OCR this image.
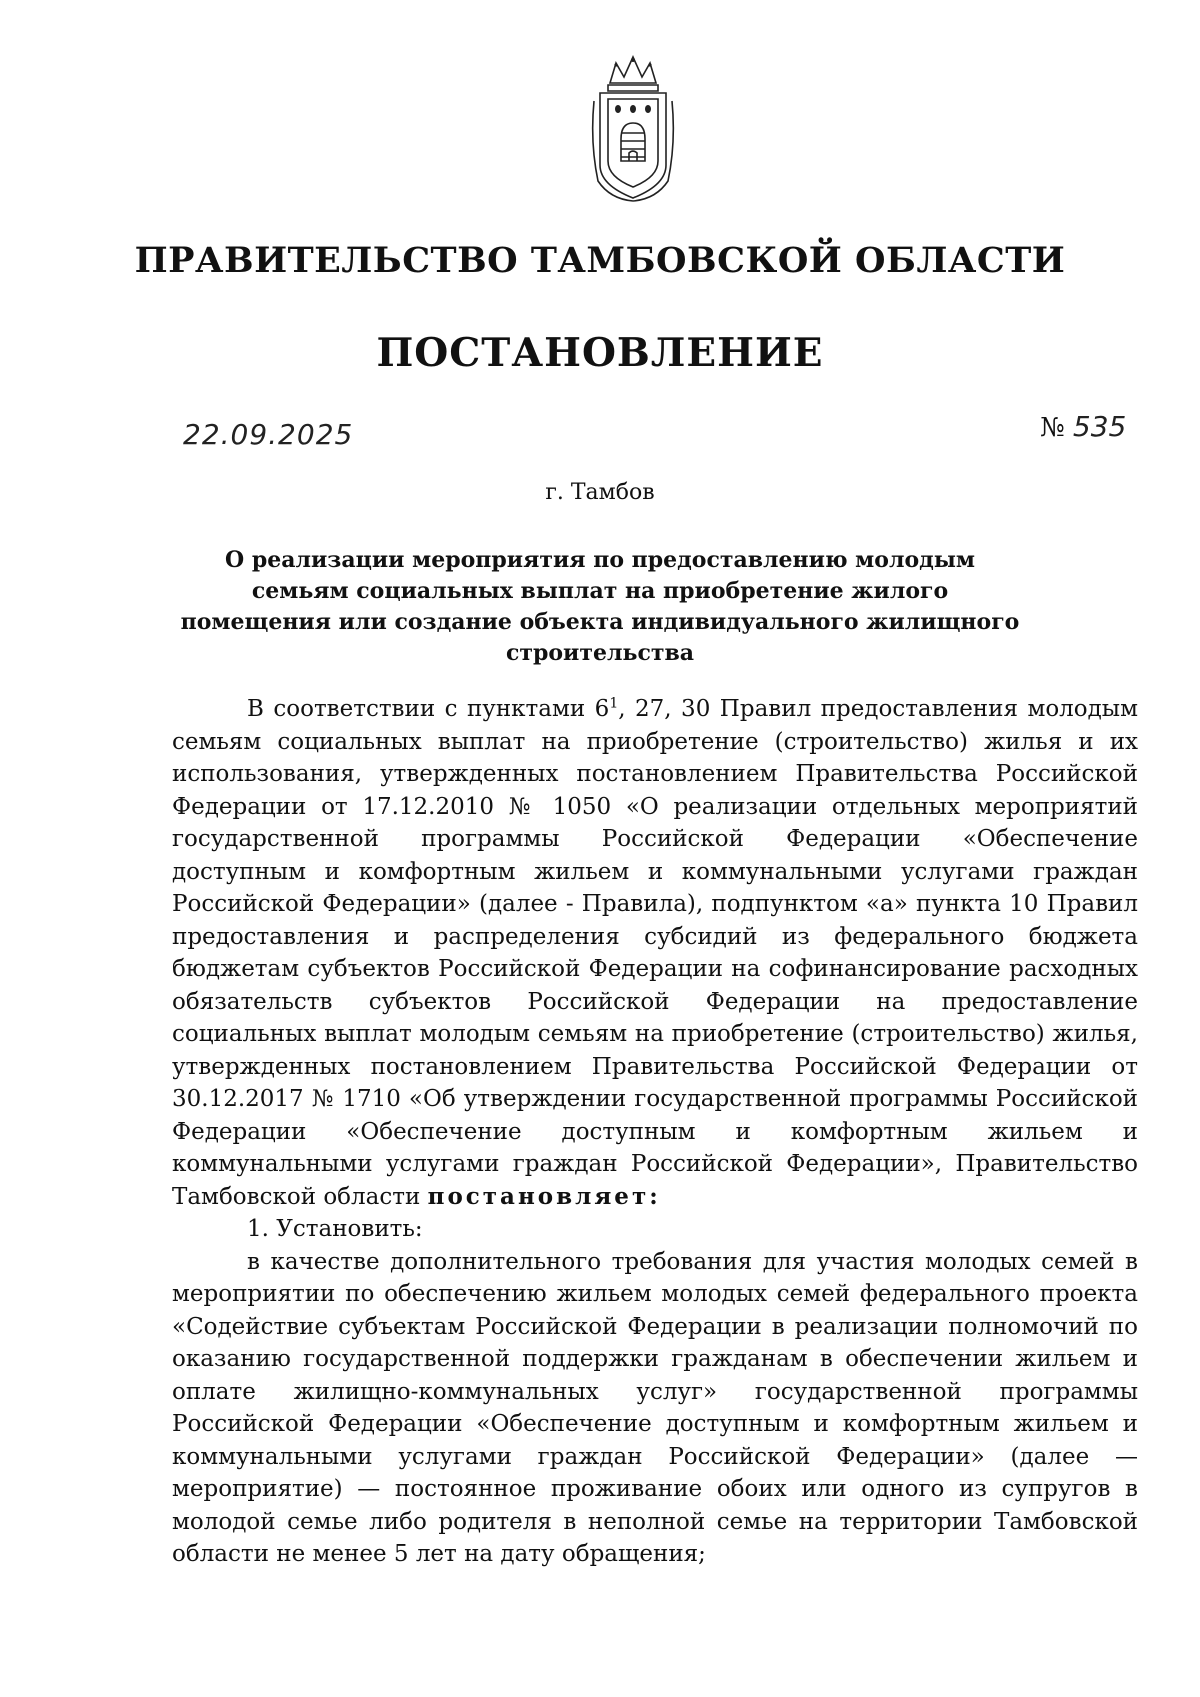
ПРАВИТЕЛЬСТВО ТАМБОВСКОЙ ОБЛАСТИ
ПОСТАНОВЛЕНИЕ
22.09.2025	№ 535
г. Тамбов
О реализации мероприятия по предоставлению молодым семьям социальных выплат на приобретение жилого помещения или создание объекта индивидуального жилищного строительства

В соответствии с пунктами $6^1$, 27, 30 Правил предоставления молодым семьям социальных выплат на приобретение (строительство) жилья и их использования, утвержденных постановлением Правительства Российской Федерации от 17.12.2010 № 1050 «О реализации отдельных мероприятий государственной программы Российской Федерации «Обеспечение доступным и комфортным жильем и коммунальными услугами граждан Российской Федерации» (далее - Правила), подпунктом «а» пункта 10 Правил предоставления и распределения субсидий из федерального бюджета бюджетам субъектов Российской Федерации на софинансирование расходных обязательств субъектов Российской Федерации на предоставление социальных выплат молодым семьям на приобретение (строительство) жилья, утвержденных постановлением Правительства Российской Федерации от 30.12.2017 № 1710 «Об утверждении государственной программы Российской Федерации «Обеспечение доступным и комфортным жильем и коммунальными услугами граждан Российской Федерации», Правительство Тамбовской области постановляет:

1. Установить:

в качестве дополнительного требования для участия молодых семей в мероприятии по обеспечению жильем молодых семей федерального проекта «Содействие субъектам Российской Федерации в реализации полномочий по оказанию государственной поддержки гражданам в обеспечении жильем и оплате жилищно-коммунальных услуг» государственной программы Российской Федерации «Обеспечение доступным и комфортным жильем и коммунальными услугами граждан Российской Федерации» (далее — мероприятие) — постоянное проживание обоих или одного из супругов в молодой семье либо родителя в неполной семье на территории Тамбовской области не менее 5 лет на дату обращения;
